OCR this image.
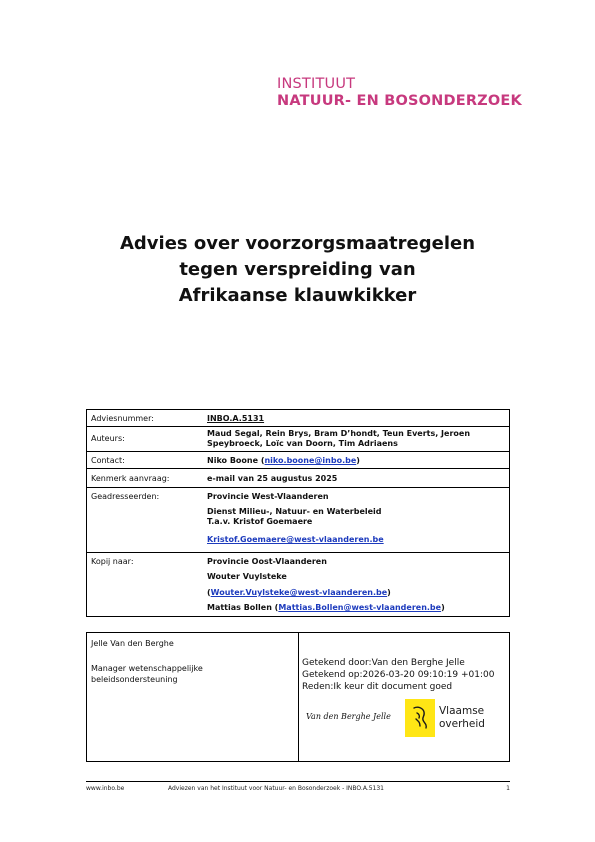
INSTITUUT
NATUUR- EN BOSONDERZOEK
Advies over voorzorgsmaatregelen
tegen verspreiding van
Afrikaanse klauwkikker
Adviesnummer:	INBO.A.5131
Auteurs:
Maud Segal, Rein Brys, Bram D’hondt, Teun Everts, Jeroen Speybroeck, Loïc van Doorn, Tim Adriaens
Contact:	Niko Boone (niko.boone@inbo.be)
Kenmerk aanvraag:	e-mail van 25 augustus 2025
Geadresseerden:	Provincie West-Vlaanderen
Dienst Milieu-, Natuur- en Waterbeleid
T.a.v. Kristof Goemaere
Kristof.Goemaere@west-vlaanderen.be
Kopij naar:	Provincie Oost-Vlaanderen
Wouter Vuylsteke
(Wouter.Vuylsteke@west-vlaanderen.be)
Mattias Bollen (Mattias.Bollen@west-vlaanderen.be)
Jelle Van den Berghe
Manager wetenschappelijke beleidsondersteuning
Getekend door:Van den Berghe Jelle
Getekend op:2026-03-20 09:10:19 +01:00
Reden:Ik keur dit document goed
Van den Berghe Jelle	Vlaamse
overheid
www.inbo.be	Adviezen van het Instituut voor Natuur- en Bosonderzoek - INBO.A.5131	1
